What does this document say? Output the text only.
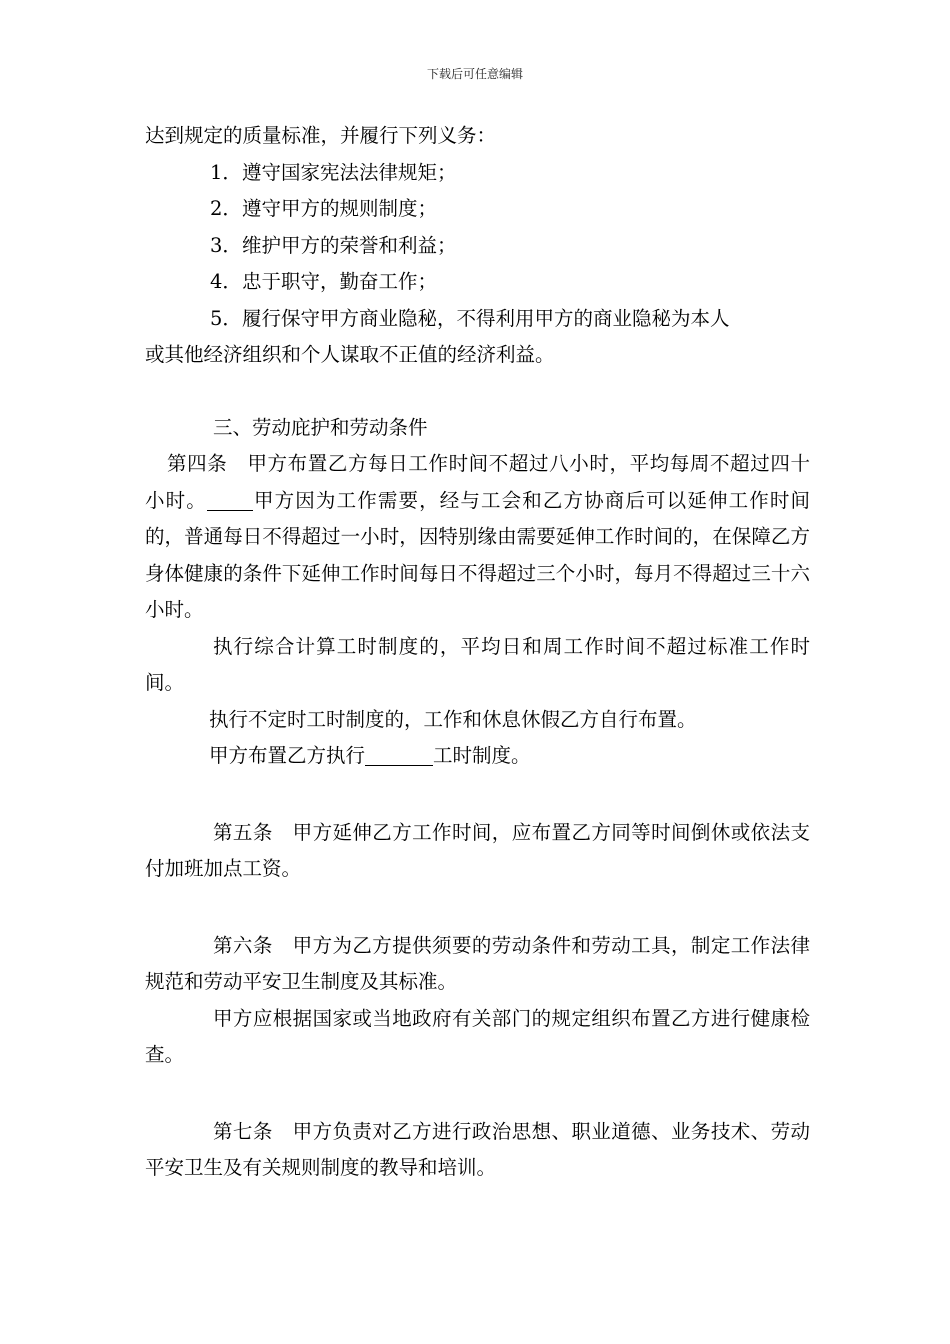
下载后可任意编辑

达到规定的质量标准，并履行下列义务：

1．遵守国家宪法法律规矩；

2．遵守甲方的规则制度；

3．维护甲方的荣誉和利益；

4．忠于职守，勤奋工作；

5．履行保守甲方商业隐秘，不得利用甲方的商业隐秘为本人

或其他经济组织和个人谋取不正值的经济利益。

三、劳动庇护和劳动条件

第四条　甲方布置乙方每日工作时间不超过八小时，平均每周不超过四十小时。 甲方因为工作需要，经与工会和乙方协商后可以延伸工作时间的，普通每日不得超过一小时，因特别缘由需要延伸工作时间的，在保障乙方身体健康的条件下延伸工作时间每日不得超过三个小时，每月不得超过三十六小时。

执行综合计算工时制度的，平均日和周工作时间不超过标准工作时间。

执行不定时工时制度的，工作和休息休假乙方自行布置。

甲方布置乙方执行	工时制度。

第五条　甲方延伸乙方工作时间，应布置乙方同等时间倒休或依法支付加班加点工资。

第六条　甲方为乙方提供须要的劳动条件和劳动工具，制定工作法律规范和劳动平安卫生制度及其标准。

甲方应根据国家或当地政府有关部门的规定组织布置乙方进行健康检查。

第七条　甲方负责对乙方进行政治思想、职业道德、业务技术、劳动平安卫生及有关规则制度的教导和培训。
